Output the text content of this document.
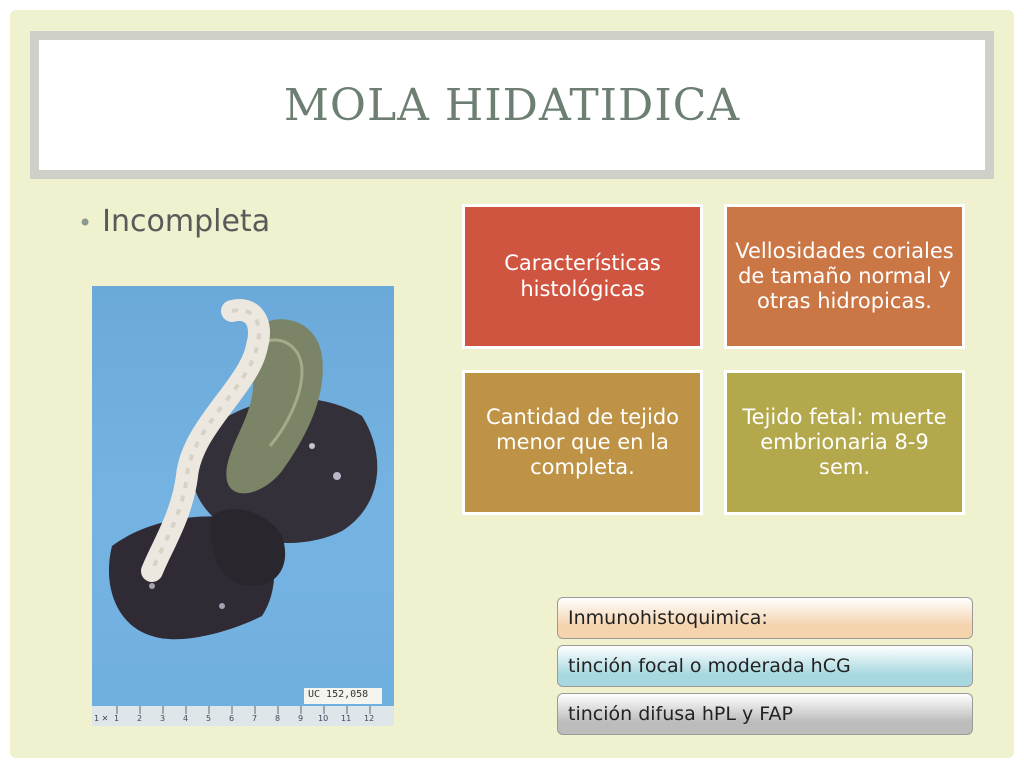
MOLA HIDATIDICA
• Incompleta
UC 152,058
1 ✕ 1 2 3 4 5 6 7 8 9 10 11 12
Características histológicas
Vellosidades coriales de tamaño normal y otras hidropicas.
Cantidad de tejido menor que en la completa.
Tejido fetal: muerte embrionaria 8-9 sem.
Inmunohistoquimica:
tinción focal o moderada hCG
tinción difusa hPL y FAP
